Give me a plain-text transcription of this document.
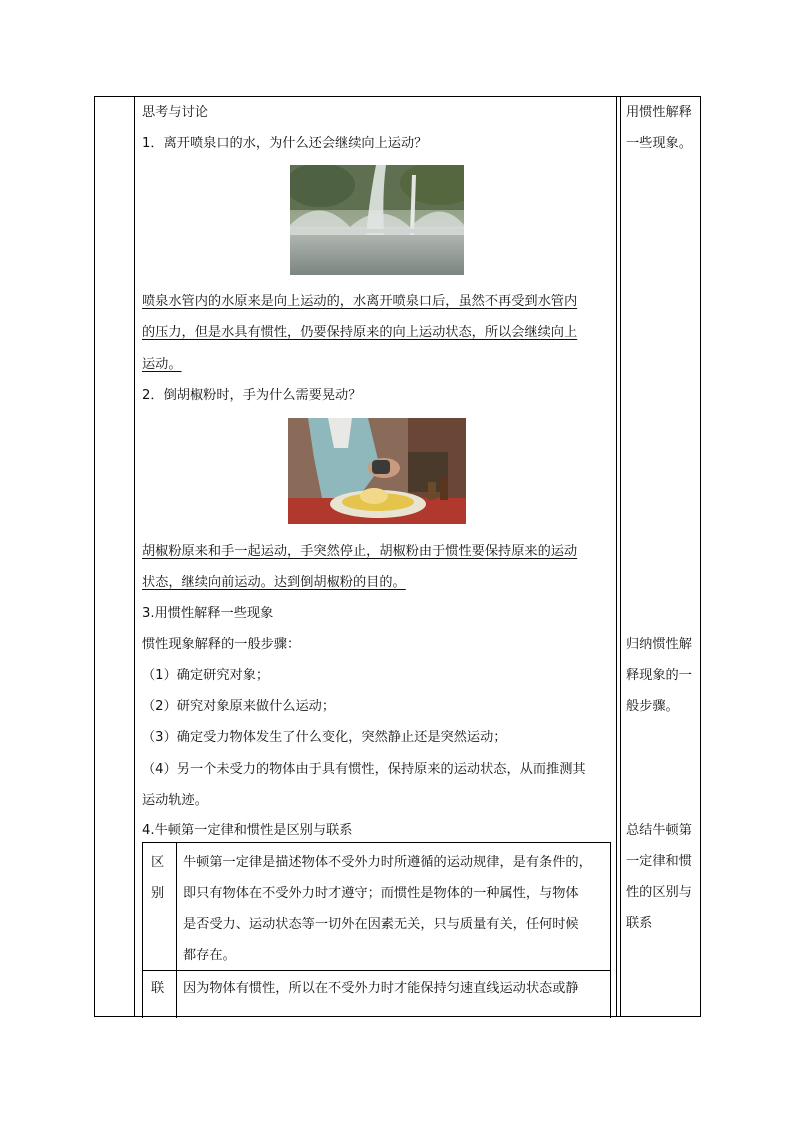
思考与讨论
1．离开喷泉口的水，为什么还会继续向上运动？
喷泉水管内的水原来是向上运动的，水离开喷泉口后，虽然不再受到水管内
的压力，但是水具有惯性，仍要保持原来的向上运动状态，所以会继续向上
运动。
2．倒胡椒粉时，手为什么需要晃动？
胡椒粉原来和手一起运动，手突然停止，胡椒粉由于惯性要保持原来的运动
状态，继续向前运动。达到倒胡椒粉的目的。
3.用惯性解释一些现象
惯性现象解释的一般步骤：
（1）确定研究对象；
（2）研究对象原来做什么运动；
（3）确定受力物体发生了什么变化，突然静止还是突然运动；
（4）另一个未受力的物体由于具有惯性，保持原来的运动状态，从而推测其
运动轨迹。
4.牛顿第一定律和惯性是区别与联系
区
别
牛顿第一定律是描述物体不受外力时所遵循的运动规律，是有条件的，
即只有物体在不受外力时才遵守；而惯性是物体的一种属性，与物体
是否受力、运动状态等一切外在因素无关，只与质量有关，任何时候
都存在。
联 因为物体有惯性，所以在不受外力时才能保持匀速直线运动状态或静
用惯性解释
一些现象。
归纳惯性解
释现象的一
般步骤。
总结牛顿第
一定律和惯
性的区别与
联系
